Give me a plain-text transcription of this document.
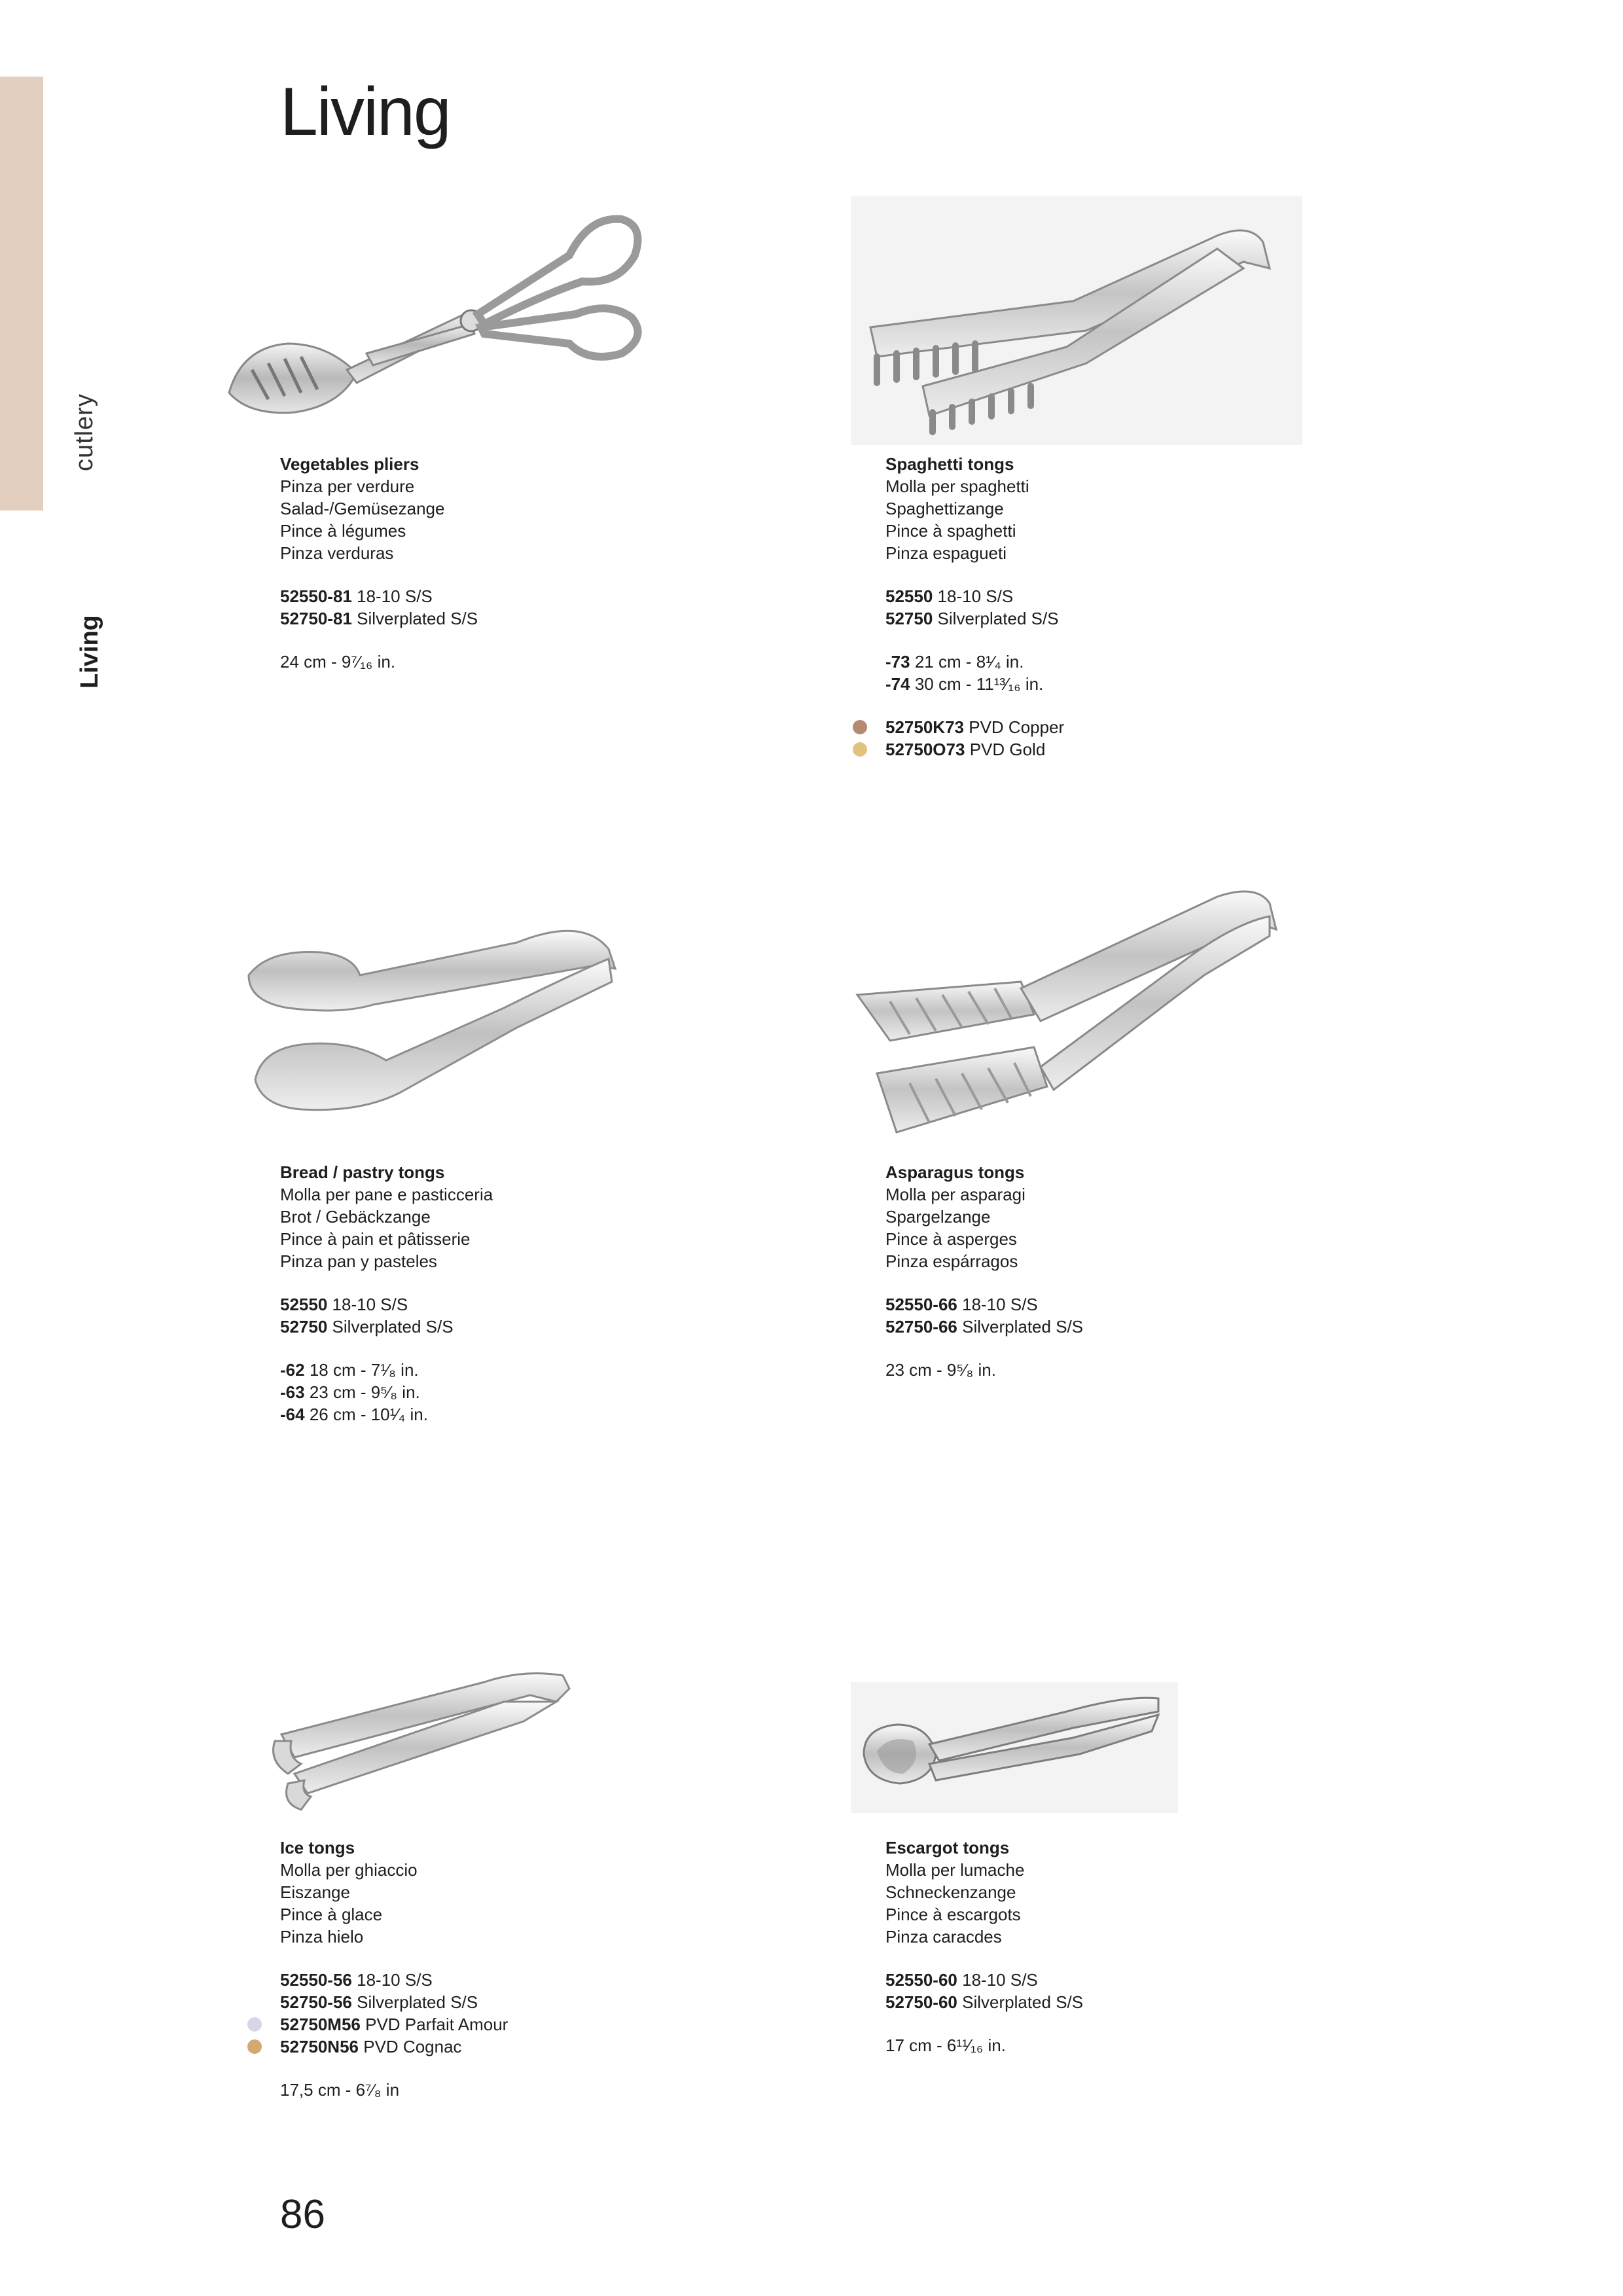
cutlery
Living
Living
Vegetables pliers
Pinza per verdure
Salad-/Gemüsezange
Pince à légumes
Pinza verduras
52550-81 18-10 S/S
52750-81 Silverplated S/S
24 cm - 9⁷⁄₁₆ in.
Spaghetti tongs
Molla per spaghetti
Spaghettizange
Pince à spaghetti
Pinza espagueti
52550 18-10 S/S
52750 Silverplated S/S
-73 21 cm - 8¹⁄₄ in.
-74 30 cm - 11¹³⁄₁₆ in.
52750K73 PVD Copper
52750O73 PVD Gold
Bread / pastry tongs
Molla per pane e pasticceria
Brot / Gebäckzange
Pince à pain et pâtisserie
Pinza pan y pasteles
52550 18-10 S/S
52750 Silverplated S/S
-62 18 cm - 7¹⁄₈ in.
-63 23 cm - 9⁵⁄₈ in.
-64 26 cm - 10¹⁄₄ in.
Asparagus tongs
Molla per asparagi
Spargelzange
Pince à asperges
Pinza espárragos
52550-66 18-10 S/S
52750-66 Silverplated S/S
23 cm - 9⁵⁄₈ in.
Ice tongs
Molla per ghiaccio
Eiszange
Pince à glace
Pinza hielo
52550-56 18-10 S/S
52750-56 Silverplated S/S
52750M56 PVD Parfait Amour
52750N56 PVD Cognac
17,5 cm - 6⁷⁄₈ in
Escargot tongs
Molla per lumache
Schneckenzange
Pince à escargots
Pinza caracdes
52550-60 18-10 S/S
52750-60 Silverplated S/S
17 cm - 6¹¹⁄₁₆ in.
86
